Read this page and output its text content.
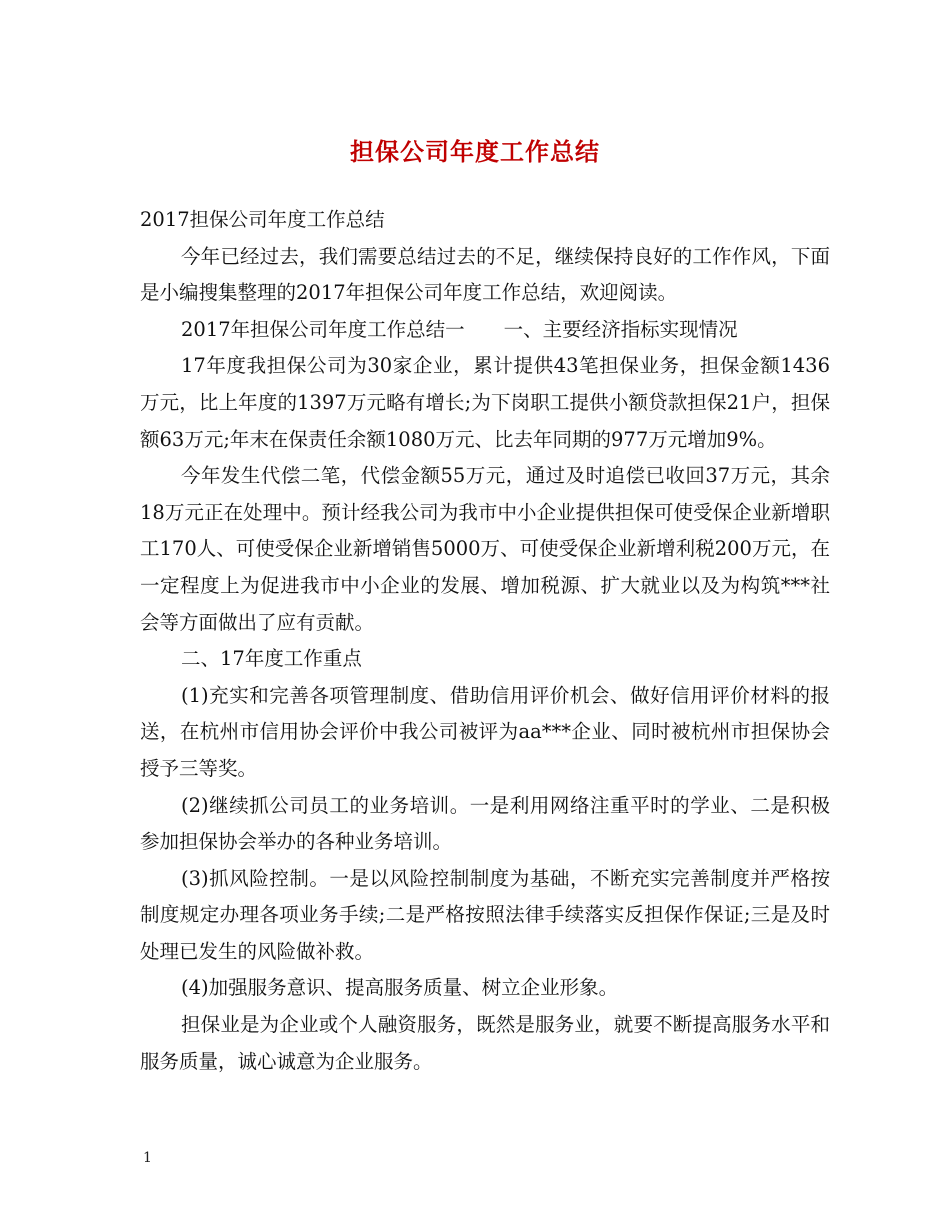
担保公司年度工作总结

2017担保公司年度工作总结

今年已经过去，我们需要总结过去的不足，继续保持良好的工作作风，下面是小编搜集整理的2017年担保公司年度工作总结，欢迎阅读。

2017年担保公司年度工作总结一　　一、主要经济指标实现情况

17年度我担保公司为30家企业，累计提供43笔担保业务，担保金额1436万元，比上年度的1397万元略有增长;为下岗职工提供小额贷款担保21户，担保额63万元;年末在保责任余额1080万元、比去年同期的977万元增加9%。

今年发生代偿二笔，代偿金额55万元，通过及时追偿已收回37万元，其余18万元正在处理中。预计经我公司为我市中小企业提供担保可使受保企业新增职工170人、可使受保企业新增销售5000万、可使受保企业新增利税200万元，在一定程度上为促进我市中小企业的发展、增加税源、扩大就业以及为构筑***社会等方面做出了应有贡献。

二、17年度工作重点

(1)充实和完善各项管理制度、借助信用评价机会、做好信用评价材料的报送，在杭州市信用协会评价中我公司被评为aa***企业、同时被杭州市担保协会授予三等奖。

(2)继续抓公司员工的业务培训。一是利用网络注重平时的学业、二是积极参加担保协会举办的各种业务培训。

(3)抓风险控制。一是以风险控制制度为基础，不断充实完善制度并严格按制度规定办理各项业务手续;二是严格按照法律手续落实反担保作保证;三是及时处理已发生的风险做补救。

(4)加强服务意识、提高服务质量、树立企业形象。

担保业是为企业或个人融资服务，既然是服务业，就要不断提高服务水平和服务质量，诚心诚意为企业服务。

1
